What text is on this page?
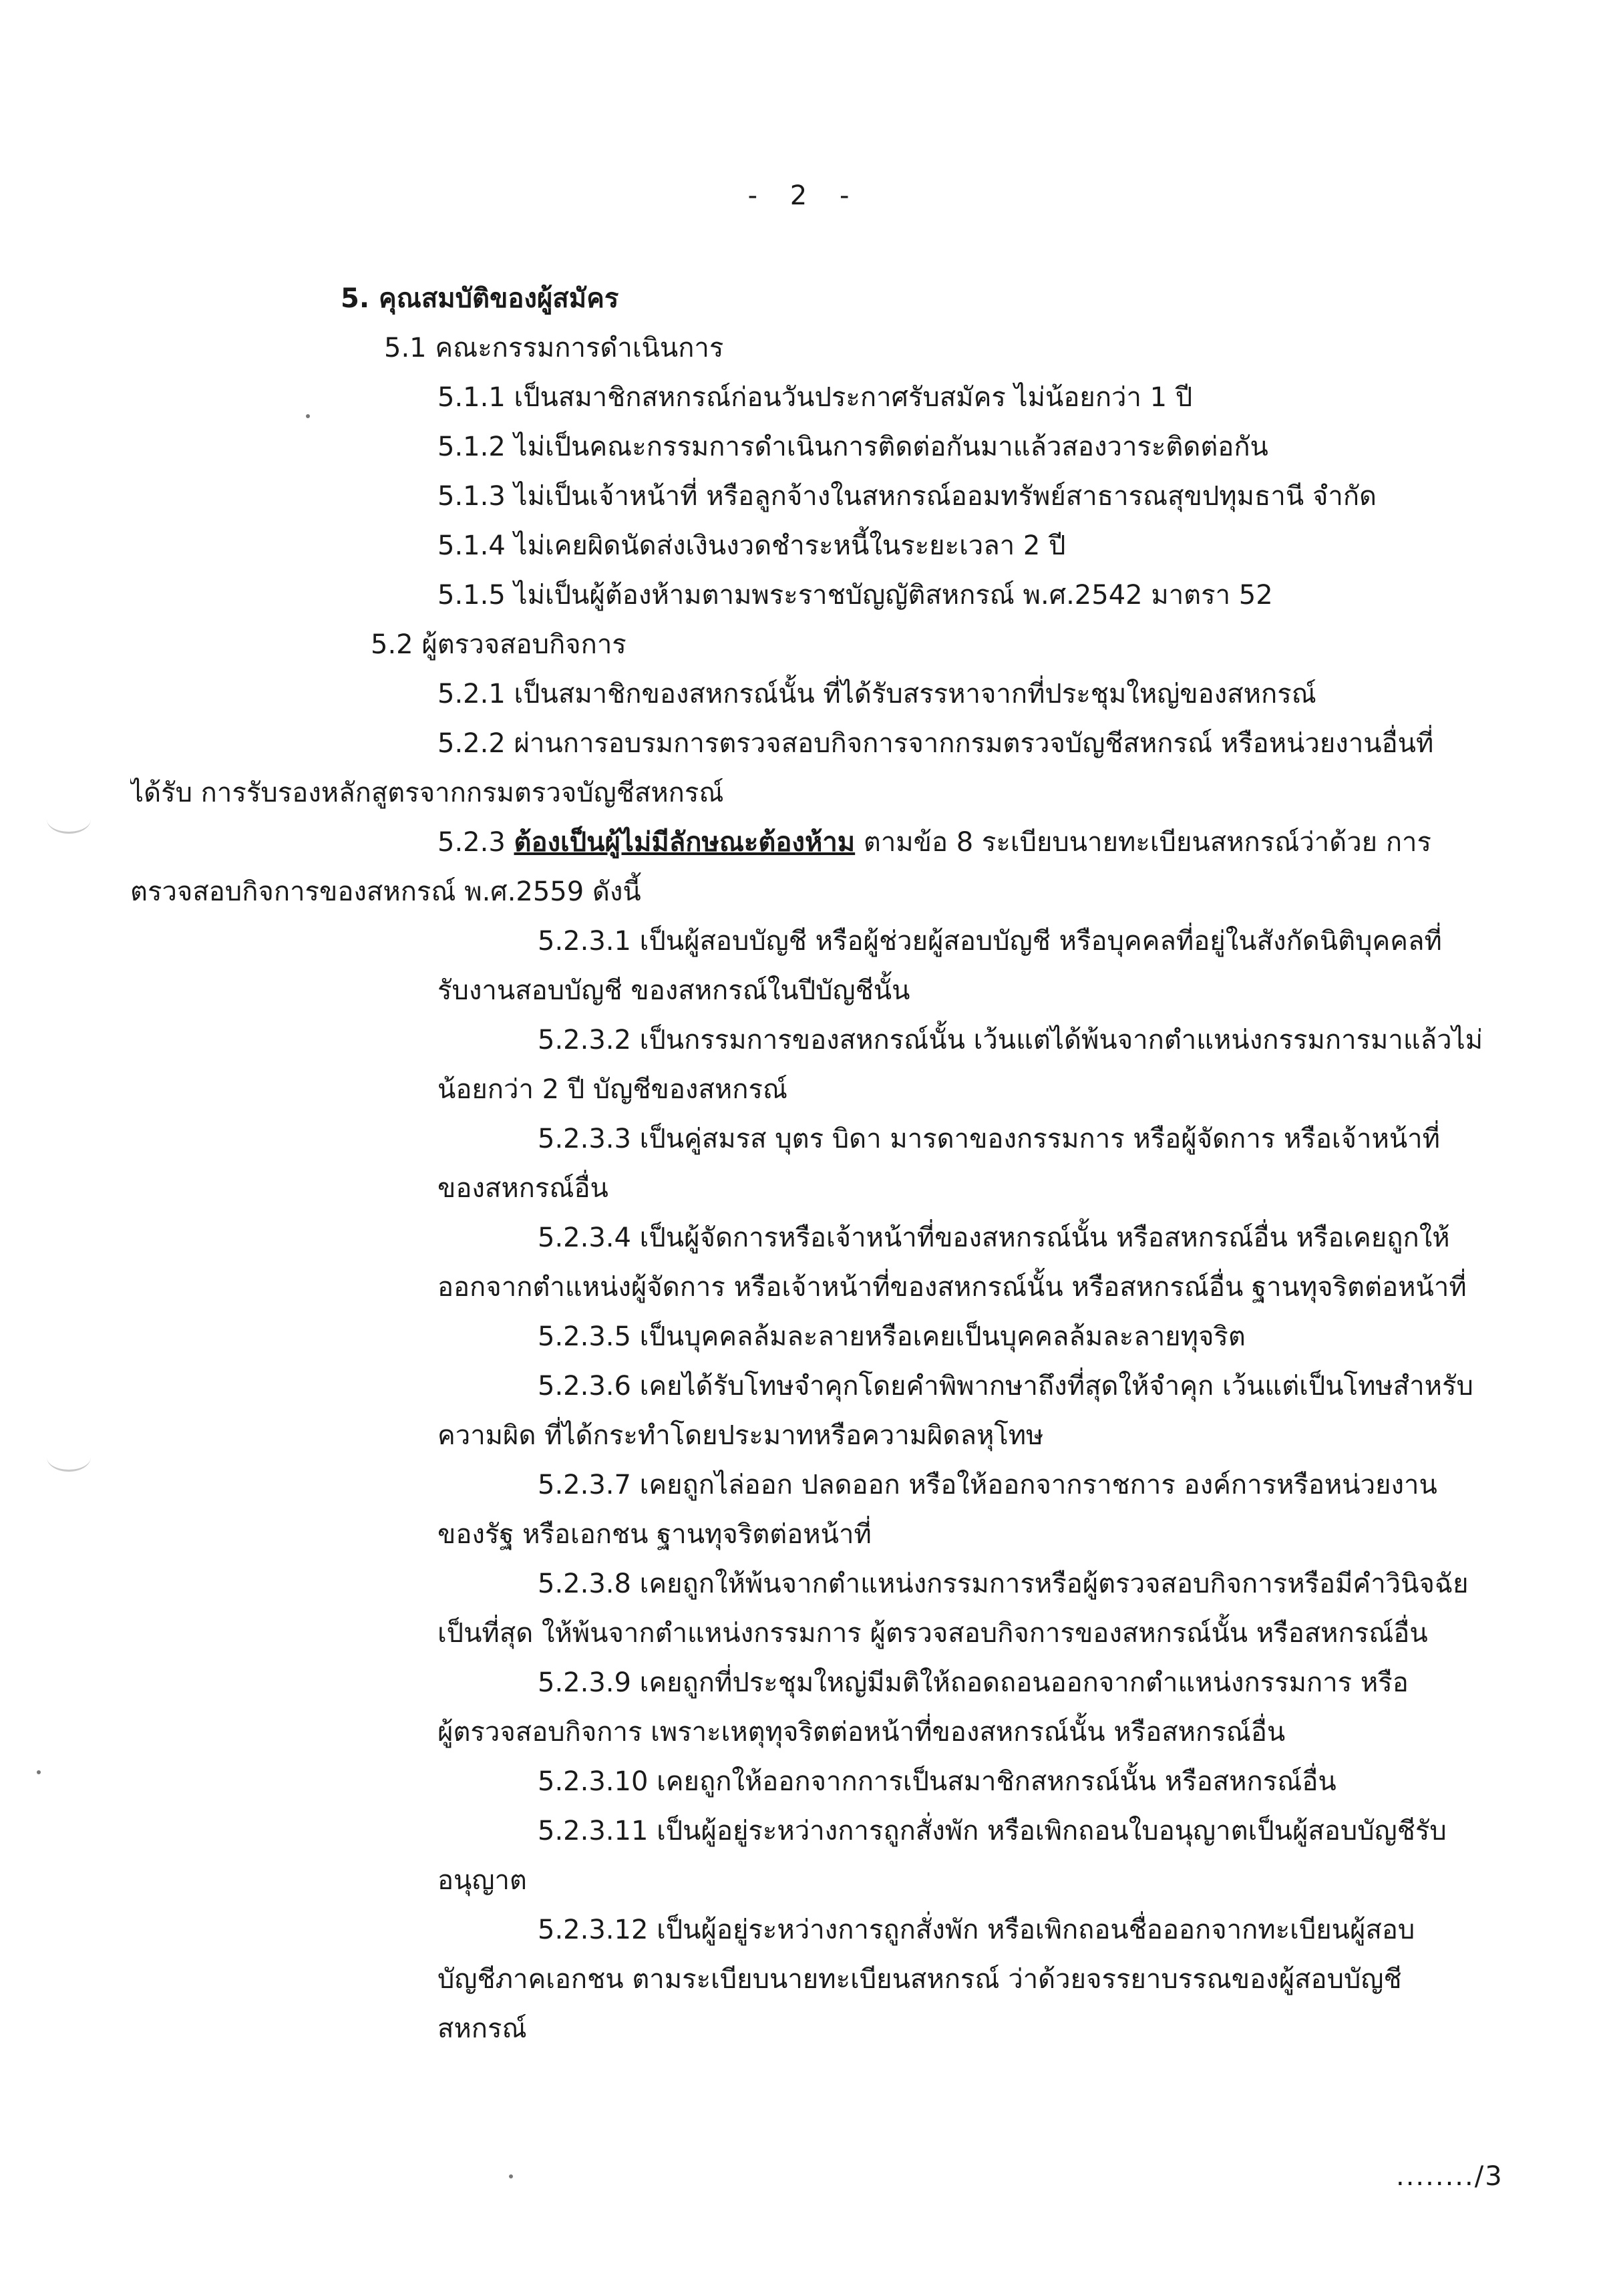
- 2 -
5. คุณสมบัติของผู้สมัคร
5.1 คณะกรรมการดำเนินการ
5.1.1 เป็นสมาชิกสหกรณ์ก่อนวันประกาศรับสมัคร ไม่น้อยกว่า 1 ปี
5.1.2 ไม่เป็นคณะกรรมการดำเนินการติดต่อกันมาแล้วสองวาระติดต่อกัน
5.1.3 ไม่เป็นเจ้าหน้าที่ หรือลูกจ้างในสหกรณ์ออมทรัพย์สาธารณสุขปทุมธานี จำกัด
5.1.4 ไม่เคยผิดนัดส่งเงินงวดชำระหนี้ในระยะเวลา 2 ปี
5.1.5 ไม่เป็นผู้ต้องห้ามตามพระราชบัญญัติสหกรณ์ พ.ศ.2542 มาตรา 52
5.2 ผู้ตรวจสอบกิจการ
5.2.1 เป็นสมาชิกของสหกรณ์นั้น ที่ได้รับสรรหาจากที่ประชุมใหญ่ของสหกรณ์
5.2.2 ผ่านการอบรมการตรวจสอบกิจการจากกรมตรวจบัญชีสหกรณ์ หรือหน่วยงานอื่นที่
ได้รับ การรับรองหลักสูตรจากกรมตรวจบัญชีสหกรณ์
5.2.3 ต้องเป็นผู้ไม่มีลักษณะต้องห้าม ตามข้อ 8 ระเบียบนายทะเบียนสหกรณ์ว่าด้วย การ
ตรวจสอบกิจการของสหกรณ์ พ.ศ.2559 ดังนี้
5.2.3.1 เป็นผู้สอบบัญชี หรือผู้ช่วยผู้สอบบัญชี หรือบุคคลที่อยู่ในสังกัดนิติบุคคลที่
รับงานสอบบัญชี ของสหกรณ์ในปีบัญชีนั้น
5.2.3.2 เป็นกรรมการของสหกรณ์นั้น เว้นแต่ได้พ้นจากตำแหน่งกรรมการมาแล้วไม่
น้อยกว่า 2 ปี บัญชีของสหกรณ์
5.2.3.3 เป็นคู่สมรส บุตร บิดา มารดาของกรรมการ หรือผู้จัดการ หรือเจ้าหน้าที่
ของสหกรณ์อื่น
5.2.3.4 เป็นผู้จัดการหรือเจ้าหน้าที่ของสหกรณ์นั้น หรือสหกรณ์อื่น หรือเคยถูกให้
ออกจากตำแหน่งผู้จัดการ หรือเจ้าหน้าที่ของสหกรณ์นั้น หรือสหกรณ์อื่น ฐานทุจริตต่อหน้าที่
5.2.3.5 เป็นบุคคลล้มละลายหรือเคยเป็นบุคคลล้มละลายทุจริต
5.2.3.6 เคยได้รับโทษจำคุกโดยคำพิพากษาถึงที่สุดให้จำคุก เว้นแต่เป็นโทษสำหรับ
ความผิด ที่ได้กระทำโดยประมาทหรือความผิดลหุโทษ
5.2.3.7 เคยถูกไล่ออก ปลดออก หรือให้ออกจากราชการ องค์การหรือหน่วยงาน
ของรัฐ หรือเอกชน ฐานทุจริตต่อหน้าที่
5.2.3.8 เคยถูกให้พ้นจากตำแหน่งกรรมการหรือผู้ตรวจสอบกิจการหรือมีคำวินิจฉัย
เป็นที่สุด ให้พ้นจากตำแหน่งกรรมการ ผู้ตรวจสอบกิจการของสหกรณ์นั้น หรือสหกรณ์อื่น
5.2.3.9 เคยถูกที่ประชุมใหญ่มีมติให้ถอดถอนออกจากตำแหน่งกรรมการ หรือ
ผู้ตรวจสอบกิจการ เพราะเหตุทุจริตต่อหน้าที่ของสหกรณ์นั้น หรือสหกรณ์อื่น
5.2.3.10 เคยถูกให้ออกจากการเป็นสมาชิกสหกรณ์นั้น หรือสหกรณ์อื่น
5.2.3.11 เป็นผู้อยู่ระหว่างการถูกสั่งพัก หรือเพิกถอนใบอนุญาตเป็นผู้สอบบัญชีรับ
อนุญาต
5.2.3.12 เป็นผู้อยู่ระหว่างการถูกสั่งพัก หรือเพิกถอนชื่อออกจากทะเบียนผู้สอบ
บัญชีภาคเอกชน ตามระเบียบนายทะเบียนสหกรณ์ ว่าด้วยจรรยาบรรณของผู้สอบบัญชี
สหกรณ์
......../3
